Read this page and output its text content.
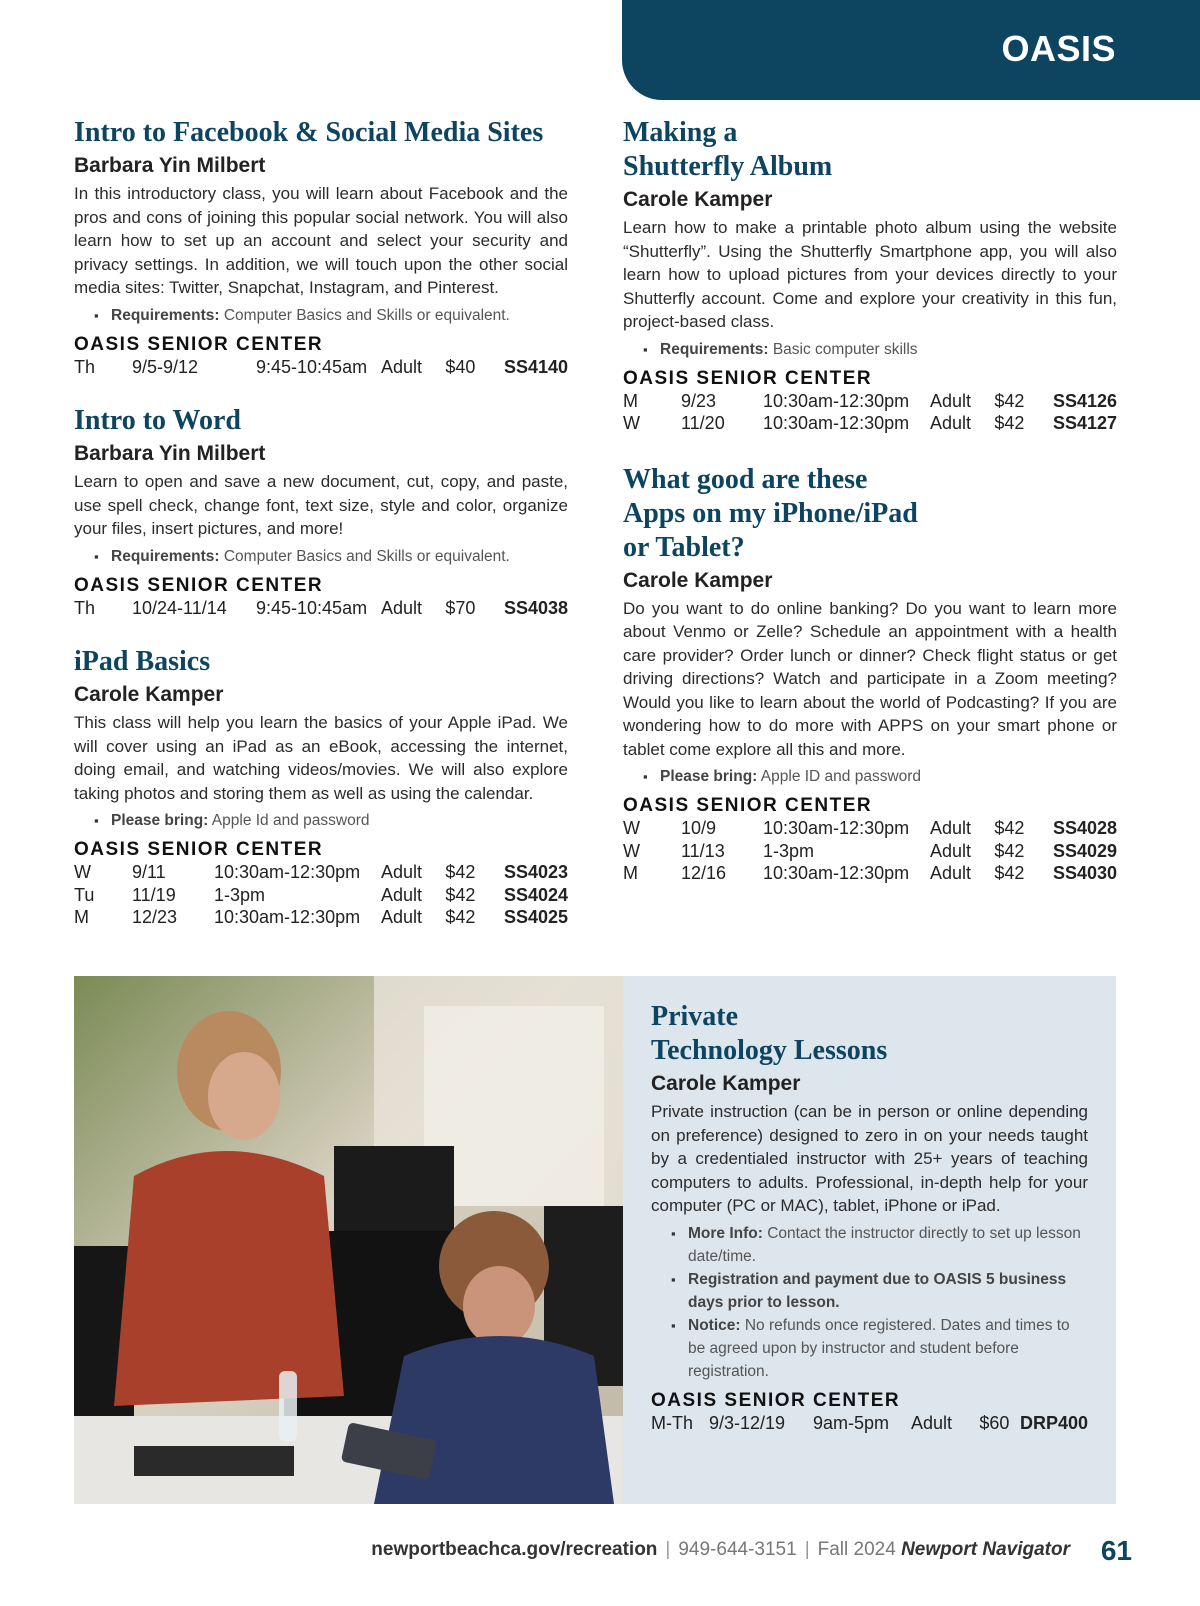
OASIS
Intro to Facebook & Social Media Sites
Barbara Yin Milbert

In this introductory class, you will learn about Facebook and the pros and cons of joining this popular social network. You will also learn how to set up an account and select your security and privacy settings. In addition, we will touch upon the other social media sites: Twitter, Snapchat, Instagram, and Pinterest.

▪ Requirements: Computer Basics and Skills or equivalent.
OASIS SENIOR CENTER
Th	9/5-9/12	9:45-10:45am	Adult	$40	SS4140
Intro to Word
Barbara Yin Milbert

Learn to open and save a new document, cut, copy, and paste, use spell check, change font, text size, style and color, organize your files, insert pictures, and more!

▪ Requirements: Computer Basics and Skills or equivalent.
OASIS SENIOR CENTER
Th	10/24-11/14	9:45-10:45am	Adult	$70	SS4038
iPad Basics
Carole Kamper

This class will help you learn the basics of your Apple iPad. We will cover using an iPad as an eBook, accessing the internet, doing email, and watching videos/movies. We will also explore taking photos and storing them as well as using the calendar.

▪ Please bring: Apple Id and password
OASIS SENIOR CENTER
W	9/11	10:30am-12:30pm	Adult	$42	SS4023
Tu	11/19	1-3pm	Adult	$42	SS4024
M	12/23	10:30am-12:30pm	Adult	$42	SS4025
Making a
Shutterfly Album
Carole Kamper

Learn how to make a printable photo album using the website “Shutterfly”. Using the Shutterfly Smartphone app, you will also learn how to upload pictures from your devices directly to your Shutterfly account. Come and explore your creativity in this fun, project-based class.

▪ Requirements: Basic computer skills
OASIS SENIOR CENTER
M	9/23	10:30am-12:30pm	Adult	$42	SS4126
W	11/20	10:30am-12:30pm	Adult	$42	SS4127
What good are these
Apps on my iPhone/iPad
or Tablet?
Carole Kamper

Do you want to do online banking? Do you want to learn more about Venmo or Zelle? Schedule an appointment with a health care provider? Order lunch or dinner? Check flight status or get driving directions? Watch and participate in a Zoom meeting? Would you like to learn about the world of Podcasting? If you are wondering how to do more with APPS on your smart phone or tablet come explore all this and more.

▪ Please bring: Apple ID and password
OASIS SENIOR CENTER
W	10/9	10:30am-12:30pm	Adult	$42	SS4028
W	11/13	1-3pm	Adult	$42	SS4029
M	12/16	10:30am-12:30pm	Adult	$42	SS4030
Private
Technology Lessons
Carole Kamper

Private instruction (can be in person or online depending on preference) designed to zero in on your needs taught by a credentialed instructor with 25+ years of teaching computers to adults. Professional, in-depth help for your computer (PC or MAC), tablet, iPhone or iPad.

▪ More Info: Contact the instructor directly to set up lesson date/time.
▪ Registration and payment due to OASIS 5 business days prior to lesson.
▪ Notice: No refunds once registered. Dates and times to be agreed upon by instructor and student before registration.
OASIS SENIOR CENTER
M-Th	9/3-12/19	9am-5pm	Adult	$60	DRP400
newportbeachca.gov/recreation | 949-644-3151 | Fall 2024 Newport Navigator 61
